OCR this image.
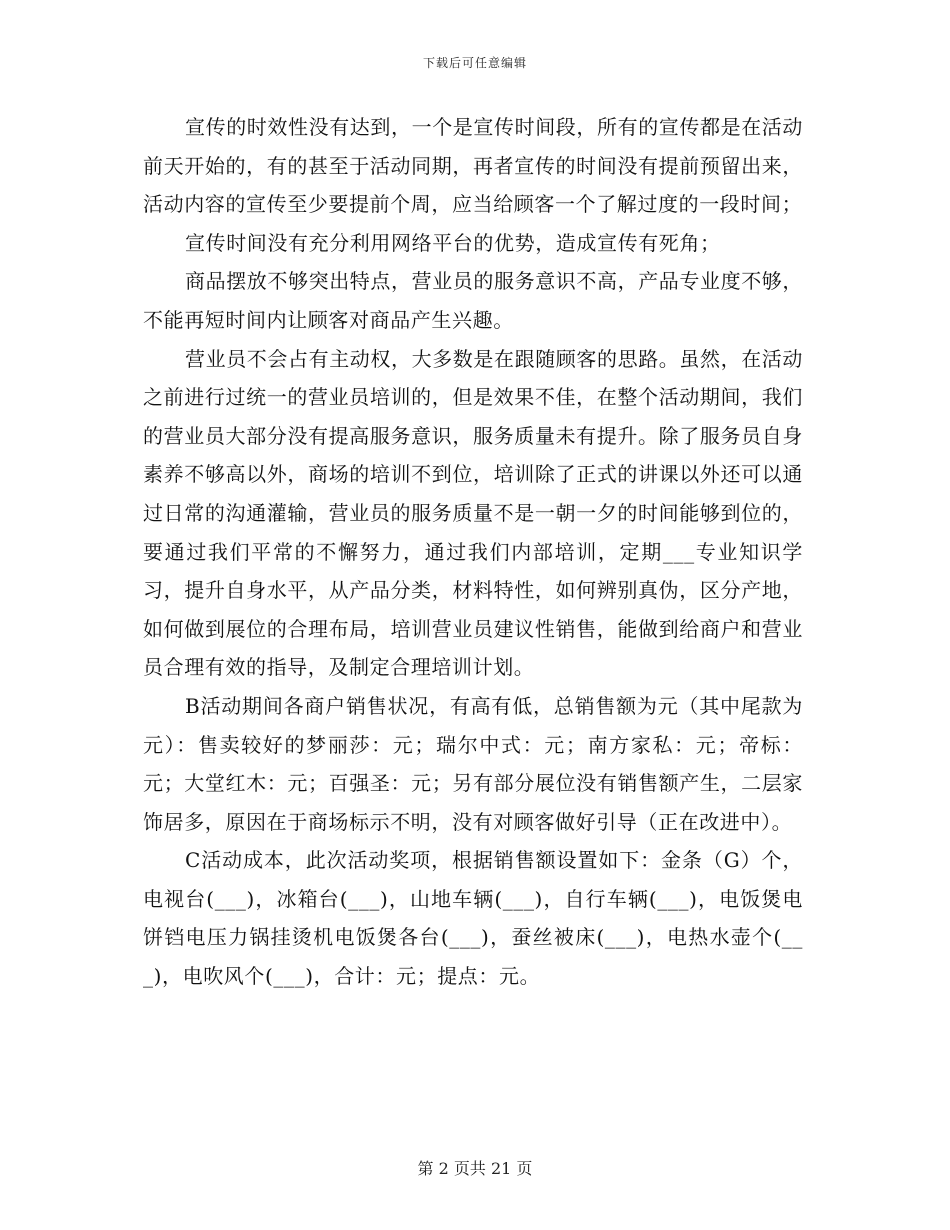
下载后可任意编辑

宣传的时效性没有达到，一个是宣传时间段，所有的宣传都是在活动前天开始的，有的甚至于活动同期，再者宣传的时间没有提前预留出来，活动内容的宣传至少要提前个周，应当给顾客一个了解过度的一段时间；

宣传时间没有充分利用网络平台的优势，造成宣传有死角；

商品摆放不够突出特点，营业员的服务意识不高，产品专业度不够，不能再短时间内让顾客对商品产生兴趣。

营业员不会占有主动权，大多数是在跟随顾客的思路。虽然，在活动之前进行过统一的营业员培训的，但是效果不佳，在整个活动期间，我们的营业员大部分没有提高服务意识，服务质量未有提升。除了服务员自身素养不够高以外，商场的培训不到位，培训除了正式的讲课以外还可以通过日常的沟通灌输，营业员的服务质量不是一朝一夕的时间能够到位的，要通过我们平常的不懈努力，通过我们内部培训，定期___专业知识学习，提升自身水平，从产品分类，材料特性，如何辨别真伪，区分产地，如何做到展位的合理布局，培训营业员建议性销售，能做到给商户和营业员合理有效的指导，及制定合理培训计划。

B活动期间各商户销售状况，有高有低，总销售额为元（其中尾款为元）：售卖较好的梦丽莎：元；瑞尔中式：元；南方家私：元；帝标：元；大堂红木：元；百强圣：元；另有部分展位没有销售额产生，二层家饰居多，原因在于商场标示不明，没有对顾客做好引导（正在改进中）。

C活动成本，此次活动奖项，根据销售额设置如下：金条（G）个，电视台(___)，冰箱台(___)，山地车辆(___)，自行车辆(___)，电饭煲电饼铛电压力锅挂烫机电饭煲各台(___)，蚕丝被床(___)，电热水壶个(___)，电吹风个(___)，合计：元；提点：元。

第 2 页共 21 页
